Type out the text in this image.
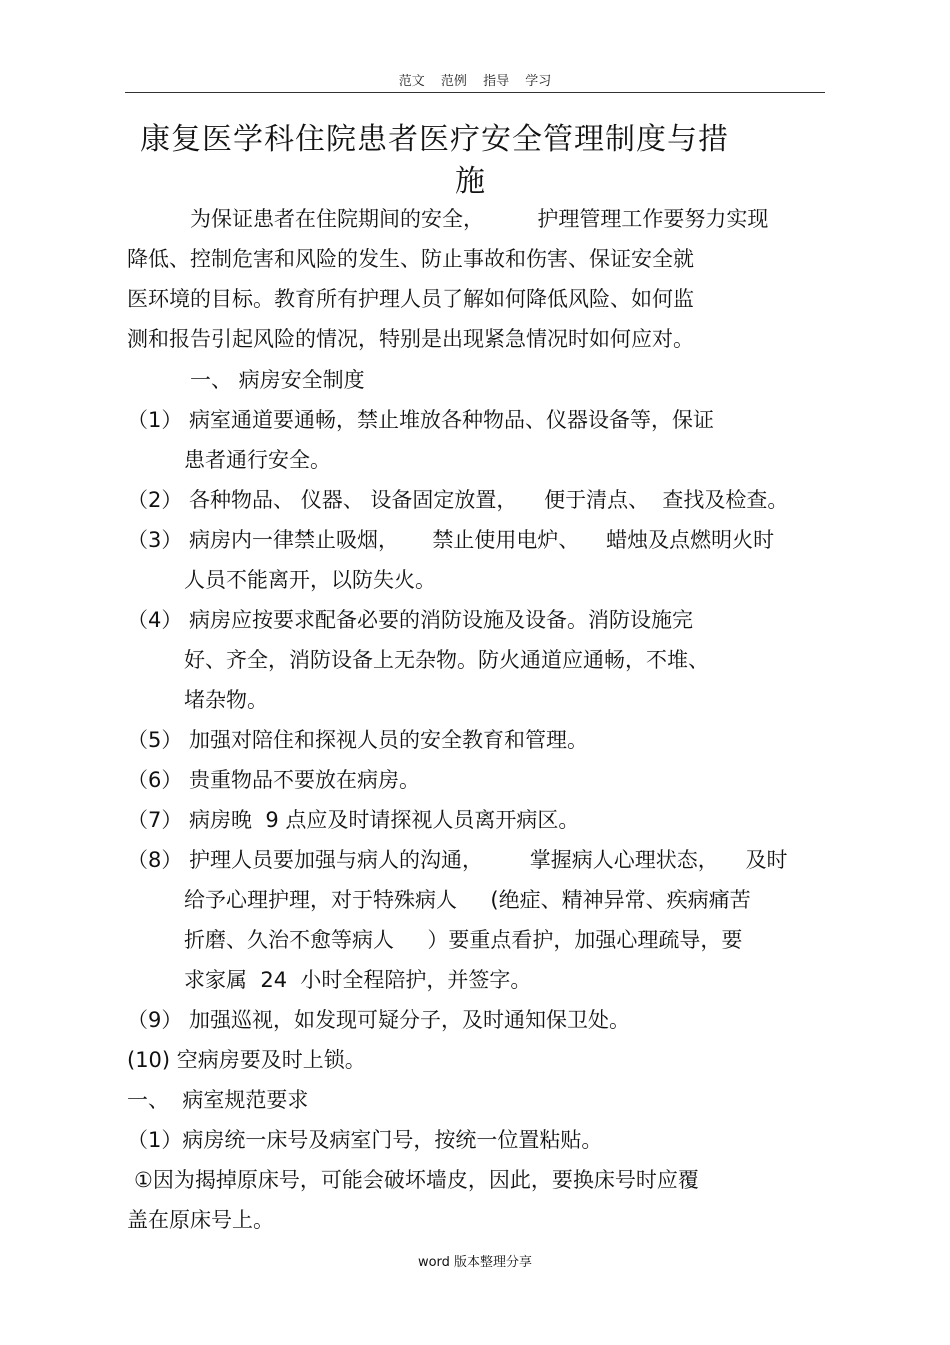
范文 范例 指导 学习
康复医学科住院患者医疗安全管理制度与措
施
为保证患者在住院期间的安全，        护理管理工作要努力实现
降低、控制危害和风险的发生、防止事故和伤害、保证安全就
医环境的目标。教育所有护理人员了解如何降低风险、如何监
测和报告引起风险的情况，特别是出现紧急情况时如何应对。
一、 病房安全制度
（1） 病室通道要通畅，禁止堆放各种物品、仪器设备等，保证
患者通行安全。
（2） 各种物品、 仪器、 设备固定放置，    便于清点、  查找及检查。
（3） 病房内一律禁止吸烟，     禁止使用电炉、    蜡烛及点燃明火时
人员不能离开，以防失火。
（4） 病房应按要求配备必要的消防设施及设备。消防设施完
好、齐全，消防设备上无杂物。防火通道应通畅，不堆、
堵杂物。
（5） 加强对陪住和探视人员的安全教育和管理。
（6） 贵重物品不要放在病房。
（7） 病房晚  9 点应及时请探视人员离开病区。
（8） 护理人员要加强与病人的沟通，       掌握病人心理状态，    及时
给予心理护理，对于特殊病人     (绝症、精神异常、疾病痛苦
折磨、久治不愈等病人     ）要重点看护，加强心理疏导，要
求家属  24  小时全程陪护，并签字。
（9） 加强巡视，如发现可疑分子，及时通知保卫处。
(10) 空病房要及时上锁。
一、  病室规范要求
（1）病房统一床号及病室门号，按统一位置粘贴。
①因为揭掉原床号，可能会破坏墙皮，因此，要换床号时应覆
盖在原床号上。
word 版本整理分享
